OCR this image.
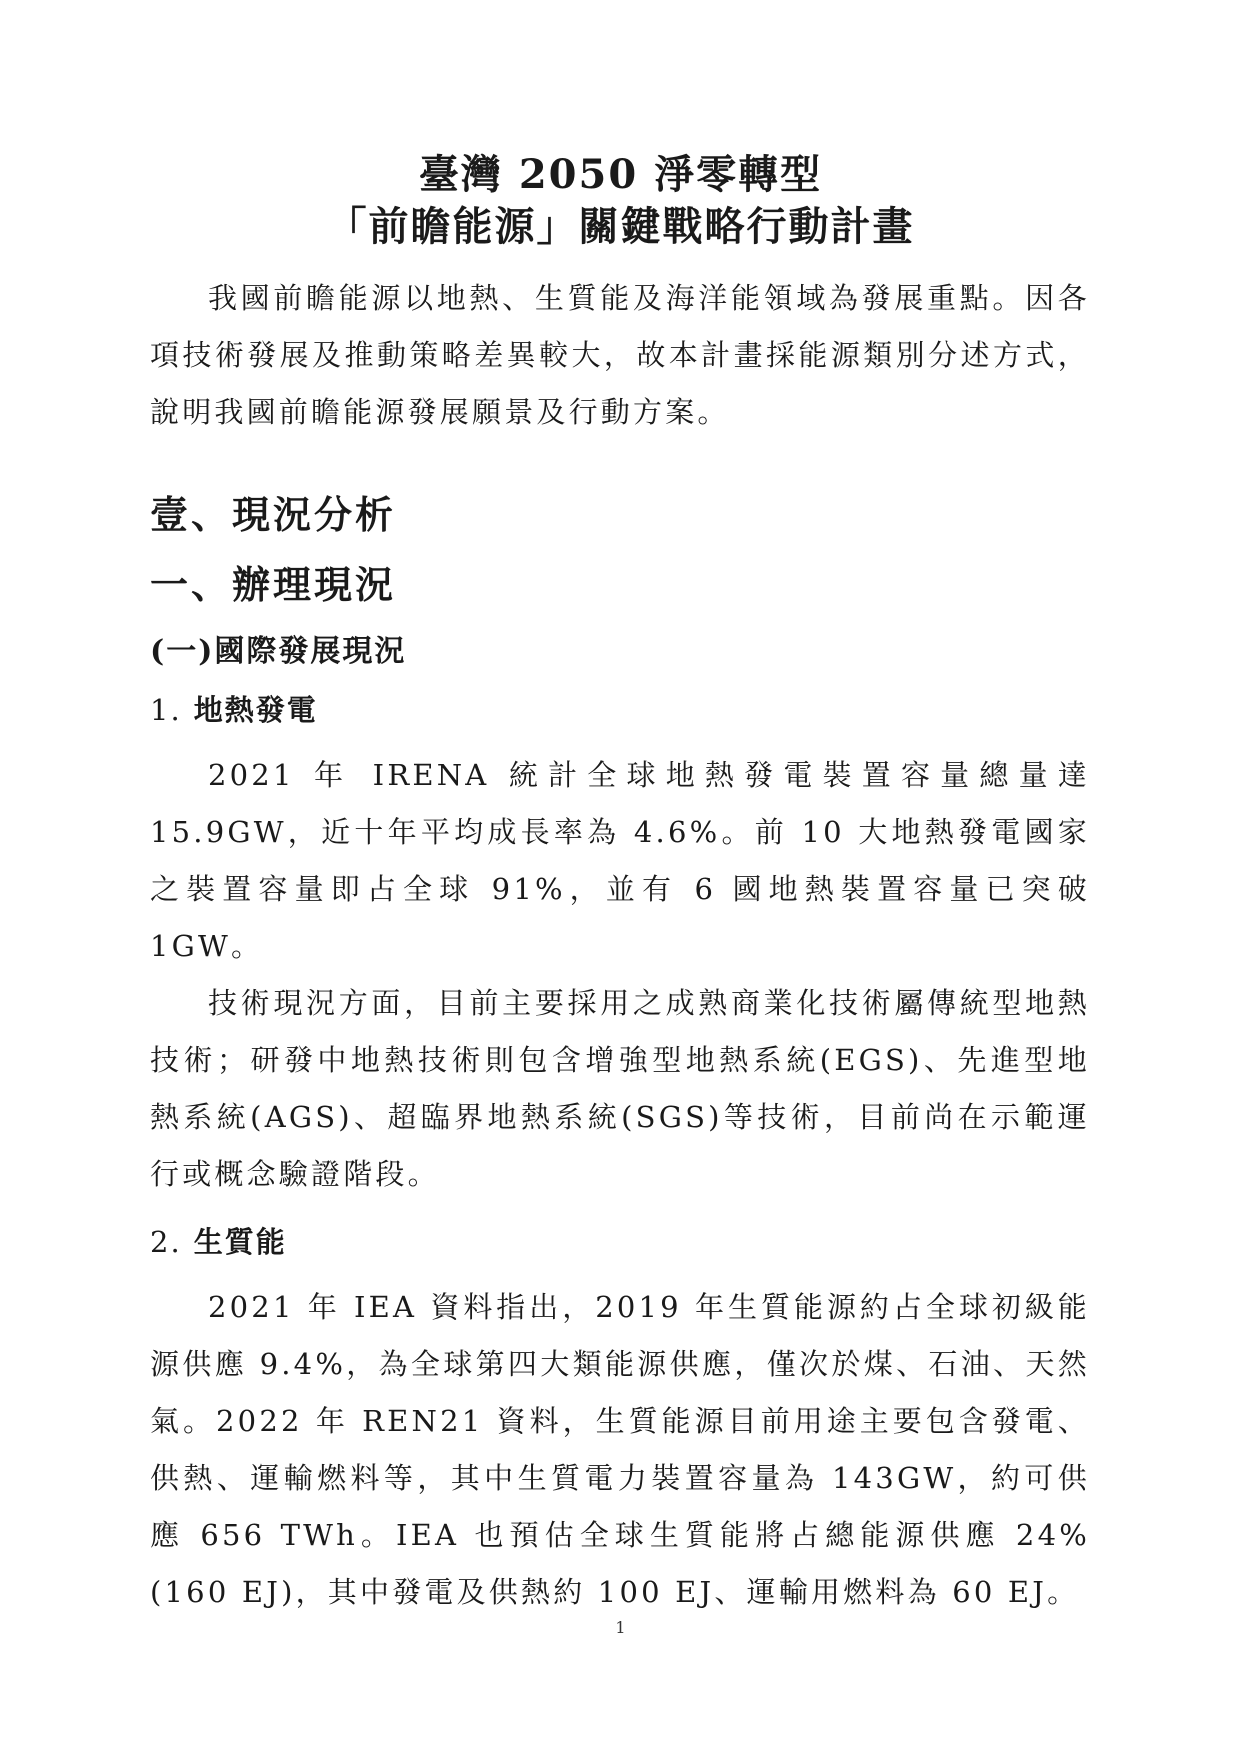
臺灣 2050 淨零轉型
「前瞻能源」關鍵戰略行動計畫

我國前瞻能源以地熱、生質能及海洋能領域為發展重點。因各項技術發展及推動策略差異較大，故本計畫採能源類別分述方式，說明我國前瞻能源發展願景及行動方案。

壹、現況分析
一、辦理現況
(一)國際發展現況
1. 地熱發電

2021 年 IRENA 統計全球地熱發電裝置容量總量達 15.9GW，近十年平均成長率為 4.6%。前 10 大地熱發電國家之裝置容量即占全球 91%，並有 6 國地熱裝置容量已突破 1GW。

技術現況方面，目前主要採用之成熟商業化技術屬傳統型地熱技術；研發中地熱技術則包含增強型地熱系統(EGS)、先進型地熱系統(AGS)、超臨界地熱系統(SGS)等技術，目前尚在示範運行或概念驗證階段。

2. 生質能

2021 年 IEA 資料指出，2019 年生質能源約占全球初級能源供應 9.4%，為全球第四大類能源供應，僅次於煤、石油、天然氣。2022 年 REN21 資料，生質能源目前用途主要包含發電、供熱、運輸燃料等，其中生質電力裝置容量為 143GW，約可供應 656 TWh。IEA 也預估全球生質能將占總能源供應 24% (160 EJ)，其中發電及供熱約 100 EJ、運輸用燃料為 60 EJ。

1
